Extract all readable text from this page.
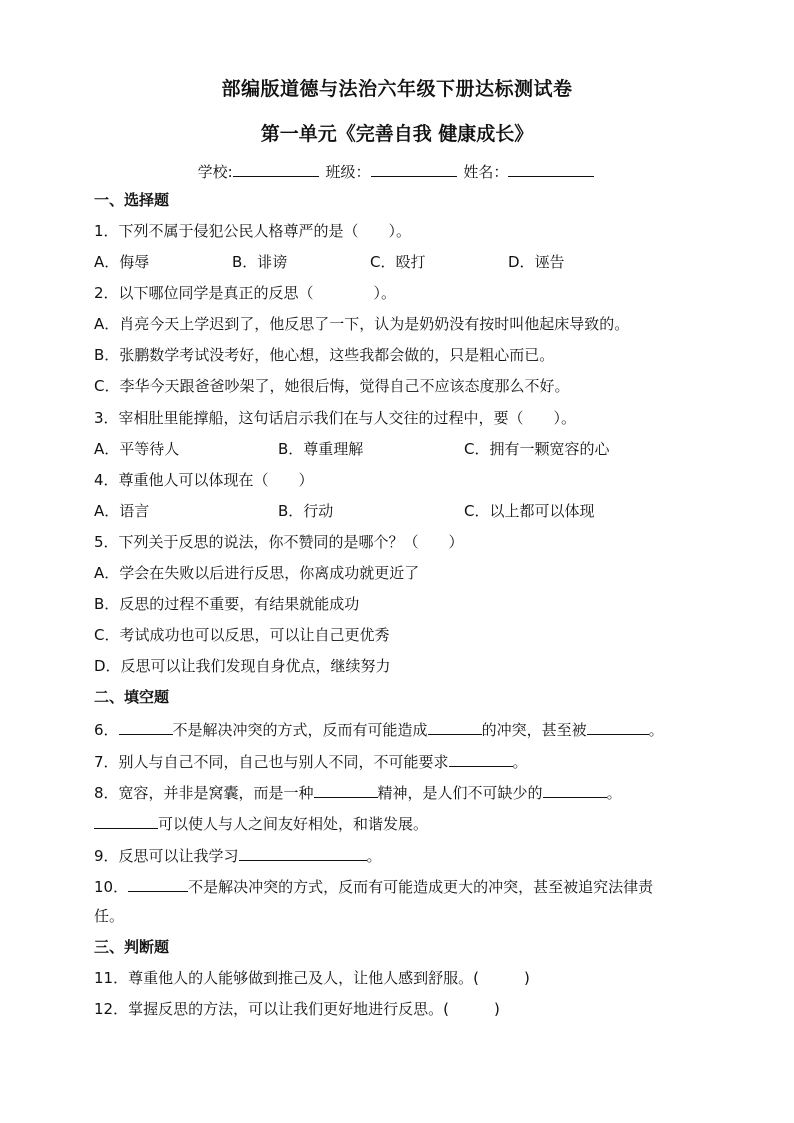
部编版道德与法治六年级下册达标测试卷
第一单元《完善自我 健康成长》
学校:	班级：	姓名：
一、选择题
1．下列不属于侵犯公民人格尊严的是（　　）。
A．侮辱	B．诽谤	C．殴打	D．诬告
2．以下哪位同学是真正的反思（　　　　）。
A．肖亮今天上学迟到了，他反思了一下，认为是奶奶没有按时叫他起床导致的。
B．张鹏数学考试没考好，他心想，这些我都会做的，只是粗心而已。
C．李华今天跟爸爸吵架了，她很后悔，觉得自己不应该态度那么不好。
3．宰相肚里能撑船，这句话启示我们在与人交往的过程中，要（　　）。
A．平等待人	B．尊重理解	C．拥有一颗宽容的心
4．尊重他人可以体现在（　　）
A．语言	B．行动	C．以上都可以体现
5．下列关于反思的说法，你不赞同的是哪个？（　　）
A．学会在失败以后进行反思，你离成功就更近了
B．反思的过程不重要，有结果就能成功
C．考试成功也可以反思，可以让自己更优秀
D．反思可以让我们发现自身优点，继续努力
二、填空题
6．	不是解决冲突的方式，反而有可能造成	的冲突，甚至被	。
7．别人与自己不同，自己也与别人不同，不可能要求	。
8．宽容，并非是窝囊，而是一种	精神，是人们不可缺少的	。
可以使人与人之间友好相处，和谐发展。
9．反思可以让我学习	。
10．	不是解决冲突的方式，反而有可能造成更大的冲突，甚至被追究法律责
任。
三、判断题
11．尊重他人的人能够做到推己及人，让他人感到舒服。(　　　)
12．掌握反思的方法，可以让我们更好地进行反思。(　　　)
